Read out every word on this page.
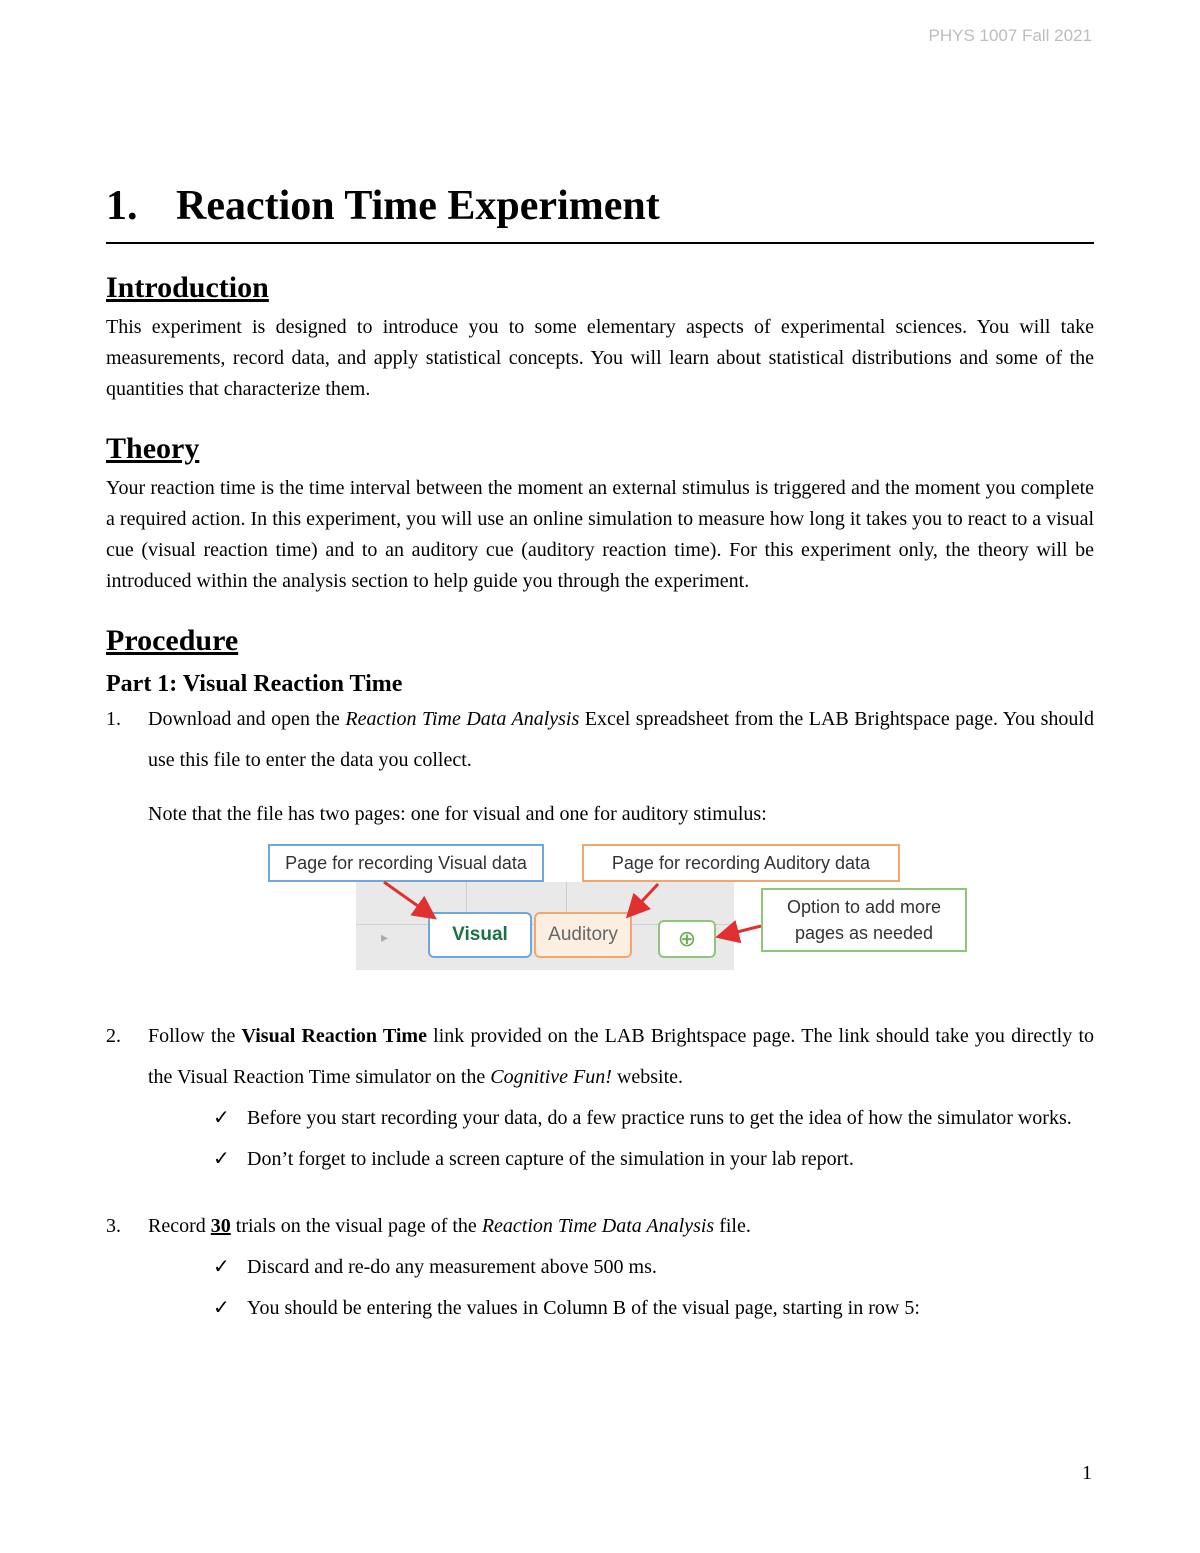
PHYS 1007 Fall 2021
1. Reaction Time Experiment
Introduction

This experiment is designed to introduce you to some elementary aspects of experimental sciences. You will take measurements, record data, and apply statistical concepts. You will learn about statistical distributions and some of the quantities that characterize them.

Theory

Your reaction time is the time interval between the moment an external stimulus is triggered and the moment you complete a required action. In this experiment, you will use an online simulation to measure how long it takes you to react to a visual cue (visual reaction time) and to an auditory cue (auditory reaction time). For this experiment only, the theory will be introduced within the analysis section to help guide you through the experiment.

Procedure
Part 1: Visual Reaction Time
1.	Download and open the Reaction Time Data Analysis Excel spreadsheet from the LAB Brightspace page. You should use this file to enter the data you collect.
Note that the file has two pages: one for visual and one for auditory stimulus:
▸	Visual	Auditory	⊕
Page for recording Visual data	Page for recording Auditory data
Option to add more pages as needed
2.	Follow the Visual Reaction Time link provided on the LAB Brightspace page. The link should take you directly to the Visual Reaction Time simulator on the Cognitive Fun! website.
✓ Before you start recording your data, do a few practice runs to get the idea of how the simulator works.
✓ Don’t forget to include a screen capture of the simulation in your lab report.
3.	Record 30 trials on the visual page of the Reaction Time Data Analysis file.
✓ Discard and re-do any measurement above 500 ms.
✓ You should be entering the values in Column B of the visual page, starting in row 5:
1
